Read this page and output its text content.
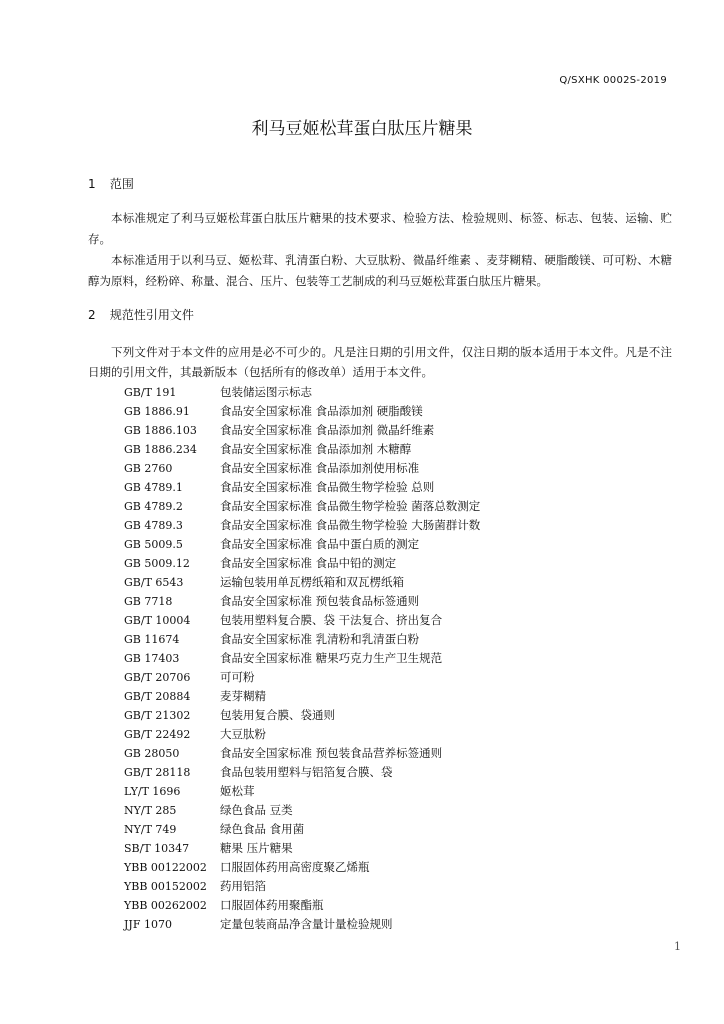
Q/SXHK 0002S-2019
利马豆姬松茸蛋白肽压片糖果
1 范围
本标准规定了利马豆姬松茸蛋白肽压片糖果的技术要求、检验方法、检验规则、标签、标志、包装、运输、贮存。
本标准适用于以利马豆、姬松茸、乳清蛋白粉、大豆肽粉、微晶纤维素 、麦芽糊精、硬脂酸镁、可可粉、木糖醇为原料，经粉碎、称量、混合、压片、包装等工艺制成的利马豆姬松茸蛋白肽压片糖果。
2 规范性引用文件
下列文件对于本文件的应用是必不可少的。凡是注日期的引用文件，仅注日期的版本适用于本文件。凡是不注日期的引用文件，其最新版本（包括所有的修改单）适用于本文件。
GB/T 191	包装储运图示标志
GB 1886.91	食品安全国家标准 食品添加剂 硬脂酸镁
GB 1886.103 食品安全国家标准 食品添加剂 微晶纤维素
GB 1886.234 食品安全国家标准 食品添加剂 木糖醇
GB 2760	食品安全国家标准 食品添加剂使用标准
GB 4789.1	食品安全国家标准 食品微生物学检验 总则
GB 4789.2	食品安全国家标准 食品微生物学检验 菌落总数测定
GB 4789.3	食品安全国家标准 食品微生物学检验 大肠菌群计数
GB 5009.5	食品安全国家标准 食品中蛋白质的测定
GB 5009.12	食品安全国家标准 食品中铅的测定
GB/T 6543	运输包装用单瓦楞纸箱和双瓦楞纸箱
GB 7718	食品安全国家标准 预包装食品标签通则
GB/T 10004	包装用塑料复合膜、袋 干法复合、挤出复合
GB 11674	食品安全国家标准 乳清粉和乳清蛋白粉
GB 17403	食品安全国家标准 糖果巧克力生产卫生规范
GB/T 20706	可可粉
GB/T 20884	麦芽糊精
GB/T 21302	包装用复合膜、袋通则
GB/T 22492	大豆肽粉
GB 28050	食品安全国家标准 预包装食品营养标签通则
GB/T 28118	食品包装用塑料与铝箔复合膜、袋
LY/T 1696	姬松茸
NY/T 285	绿色食品 豆类
NY/T 749	绿色食品 食用菌
SB/T 10347	糖果 压片糖果
YBB 00122002 口服固体药用高密度聚乙烯瓶
YBB 00152002 药用铝箔
YBB 00262002 口服固体药用聚酯瓶
JJF 1070	定量包装商品净含量计量检验规则
1
